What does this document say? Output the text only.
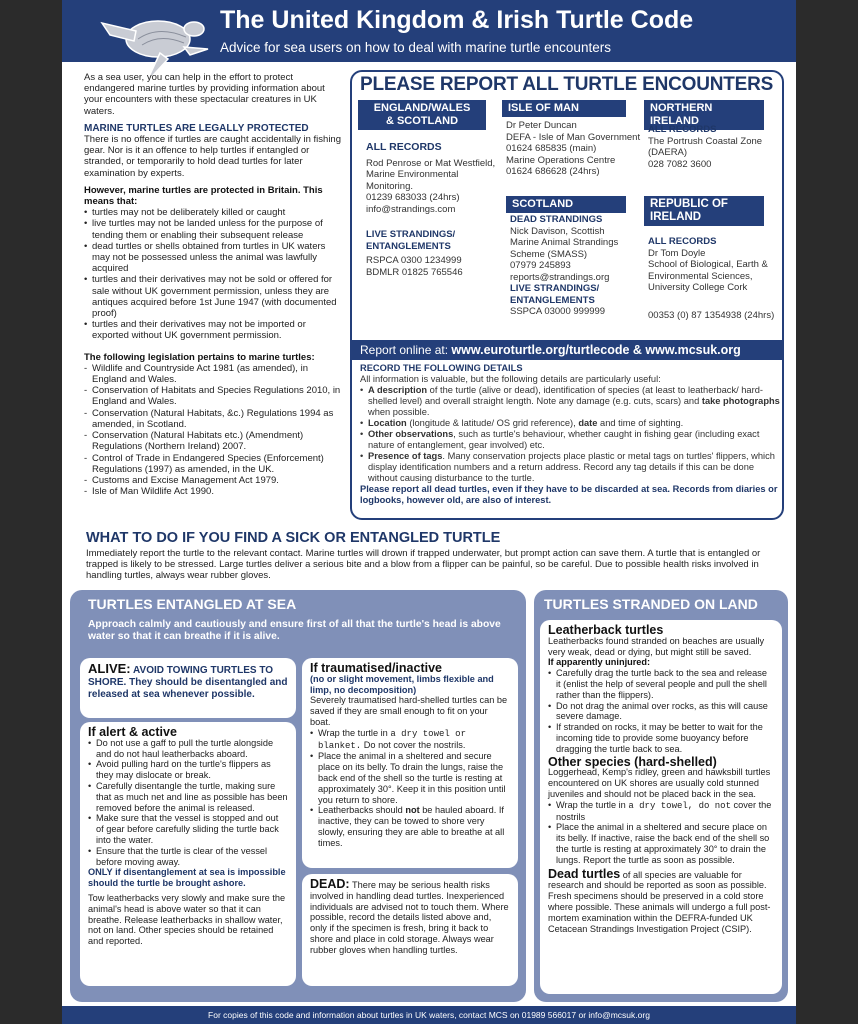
The United Kingdom & Irish Turtle Code
Advice for sea users on how to deal with marine turtle encounters
As a sea user, you can help in the effort to protect endangered marine turtles by providing information about your encounters with these spectacular creatures in UK waters.
MARINE TURTLES ARE LEGALLY PROTECTED
There is no offence if turtles are caught accidentally in fishing gear. Nor is it an offence to help turtles if entangled or stranded, or temporarily to hold dead turtles for later examination by experts.
However, marine turtles are protected in Britain. This means that:
• turtles may not be deliberately killed or caught
• live turtles may not be landed unless for the purpose of tending them or enabling their subsequent release
• dead turtles or shells obtained from turtles in UK waters may not be possessed unless the animal was lawfully acquired
• turtles and their derivatives may not be sold or offered for sale without UK government permission, unless they are antiques acquired before 1st June 1947 (with documented proof)
• turtles and their derivatives may not be imported or exported without UK government permission.
The following legislation pertains to marine turtles:
- Wildlife and Countryside Act 1981 (as amended), in England and Wales.
- Conservation of Habitats and Species Regulations 2010, in England and Wales.
- Conservation (Natural Habitats, &c.) Regulations 1994 as amended, in Scotland.
- Conservation (Natural Habitats etc.) (Amendment) Regulations (Northern Ireland) 2007.
- Control of Trade in Endangered Species (Enforcement) Regulations (1997) as amended, in the UK.
- Customs and Excise Management Act 1979.
- Isle of Man Wildlife Act 1990.
PLEASE REPORT ALL TURTLE ENCOUNTERS
ENGLAND/WALES
& SCOTLAND
ALL RECORDS
Rod Penrose or Mat Westfield, Marine Environmental Monitoring.
01239 683033 (24hrs)
info@strandings.com
LIVE STRANDINGS/ ENTANGLEMENTS
RSPCA 0300 1234999
BDMLR 01825 765546
ISLE OF MAN
Dr Peter Duncan
DEFA - Isle of Man Government
01624 685835 (main)
Marine Operations Centre
01624 686628 (24hrs)
SCOTLAND
DEAD STRANDINGS
Nick Davison, Scottish Marine Animal Strandings Scheme (SMASS)
07979 245893
reports@strandings.org
LIVE STRANDINGS/ ENTANGLEMENTS
SSPCA 03000 999999
NORTHERN IRELAND
ALL RECORDS
The Portrush Coastal Zone (DAERA)
028 7082 3600
REPUBLIC OF
IRELAND
ALL RECORDS
Dr Tom Doyle
School of Biological, Earth & Environmental Sciences, University College Cork
00353 (0) 87 1354938 (24hrs)
Report online at: www.euroturtle.org/turtlecode & www.mcsuk.org
RECORD THE FOLLOWING DETAILS
All information is valuable, but the following details are particularly useful:
• A description of the turtle (alive or dead), identification of species (at least to leatherback/ hard-shelled level) and overall straight length. Note any damage (e.g. cuts, scars) and take photographs when possible.
• Location (longitude & latitude/ OS grid reference), date and time of sighting.
• Other observations, such as turtle's behaviour, whether caught in fishing gear (including exact nature of entanglement, gear involved) etc.
• Presence of tags. Many conservation projects place plastic or metal tags on turtles' flippers, which display identification numbers and a return address. Record any tag details if this can be done without causing disturbance to the turtle.
Please report all dead turtles, even if they have to be discarded at sea. Records from diaries or logbooks, however old, are also of interest.
WHAT TO DO IF YOU FIND A SICK OR ENTANGLED TURTLE
Immediately report the turtle to the relevant contact. Marine turtles will drown if trapped underwater, but prompt action can save them. A turtle that is entangled or trapped is likely to be stressed. Large turtles deliver a serious bite and a blow from a flipper can be painful, so be careful. Due to possible health risks involved in handling turtles, always wear rubber gloves.
TURTLES ENTANGLED AT SEA
Approach calmly and cautiously and ensure first of all that the turtle's head is above water so that it can breathe if it is alive.
ALIVE: AVOID TOWING TURTLES TO SHORE. They should be disentangled and released at sea whenever possible.
If alert & active
• Do not use a gaff to pull the turtle alongside and do not haul leatherbacks aboard.
• Avoid pulling hard on the turtle's flippers as they may dislocate or break.
• Carefully disentangle the turtle, making sure that as much net and line as possible has been removed before the animal is released.
• Make sure that the vessel is stopped and out of gear before carefully sliding the turtle back into the water.
• Ensure that the turtle is clear of the vessel before moving away.
ONLY if disentanglement at sea is impossible should the turtle be brought ashore.
Tow leatherbacks very slowly and make sure the animal's head is above water so that it can breathe. Release leatherbacks in shallow water, not on land. Other species should be retained and reported.
If traumatised/inactive
(no or slight movement, limbs flexible and limp, no decomposition)
Severely traumatised hard-shelled turtles can be saved if they are small enough to fit on your boat.
• Wrap the turtle in a dry towel or blanket. Do not cover the nostrils.
• Place the animal in a sheltered and secure place on its belly. To drain the lungs, raise the back end of the shell so the turtle is resting at approximately 30°. Keep it in this position until you return to shore.
• Leatherbacks should not be hauled aboard. If inactive, they can be towed to shore very slowly, ensuring they are able to breathe at all times.
DEAD: There may be serious health risks involved in handling dead turtles. Inexperienced individuals are advised not to touch them. Where possible, record the details listed above and, only if the specimen is fresh, bring it back to shore and place in cold storage. Always wear rubber gloves when handling turtles.
TURTLES STRANDED ON LAND
Leatherback turtles
Leatherbacks found stranded on beaches are usually very weak, dead or dying, but might still be saved.
If apparently uninjured:
• Carefully drag the turtle back to the sea and release it (enlist the help of several people and pull the shell rather than the flippers).
• Do not drag the animal over rocks, as this will cause severe damage.
• If stranded on rocks, it may be better to wait for the incoming tide to provide some buoyancy before dragging the turtle back to sea.
Other species (hard-shelled)
Loggerhead, Kemp's ridley, green and hawksbill turtles encountered on UK shores are usually cold stunned juveniles and should not be placed back in the sea.
• Wrap the turtle in a dry towel, do not cover the nostrils
• Place the animal in a sheltered and secure place on its belly. If inactive, raise the back end of the shell so the turtle is resting at approximately 30° to drain the lungs. Report the turtle as soon as possible.
Dead turtles of all species are valuable for research and should be reported as soon as possible. Fresh specimens should be preserved in a cold store where possible. These animals will undergo a full post-mortem examination within the DEFRA-funded UK Cetacean Strandings Investigation Project (CSIP).
For copies of this code and information about turtles in UK waters, contact MCS on 01989 566017 or info@mcsuk.org
